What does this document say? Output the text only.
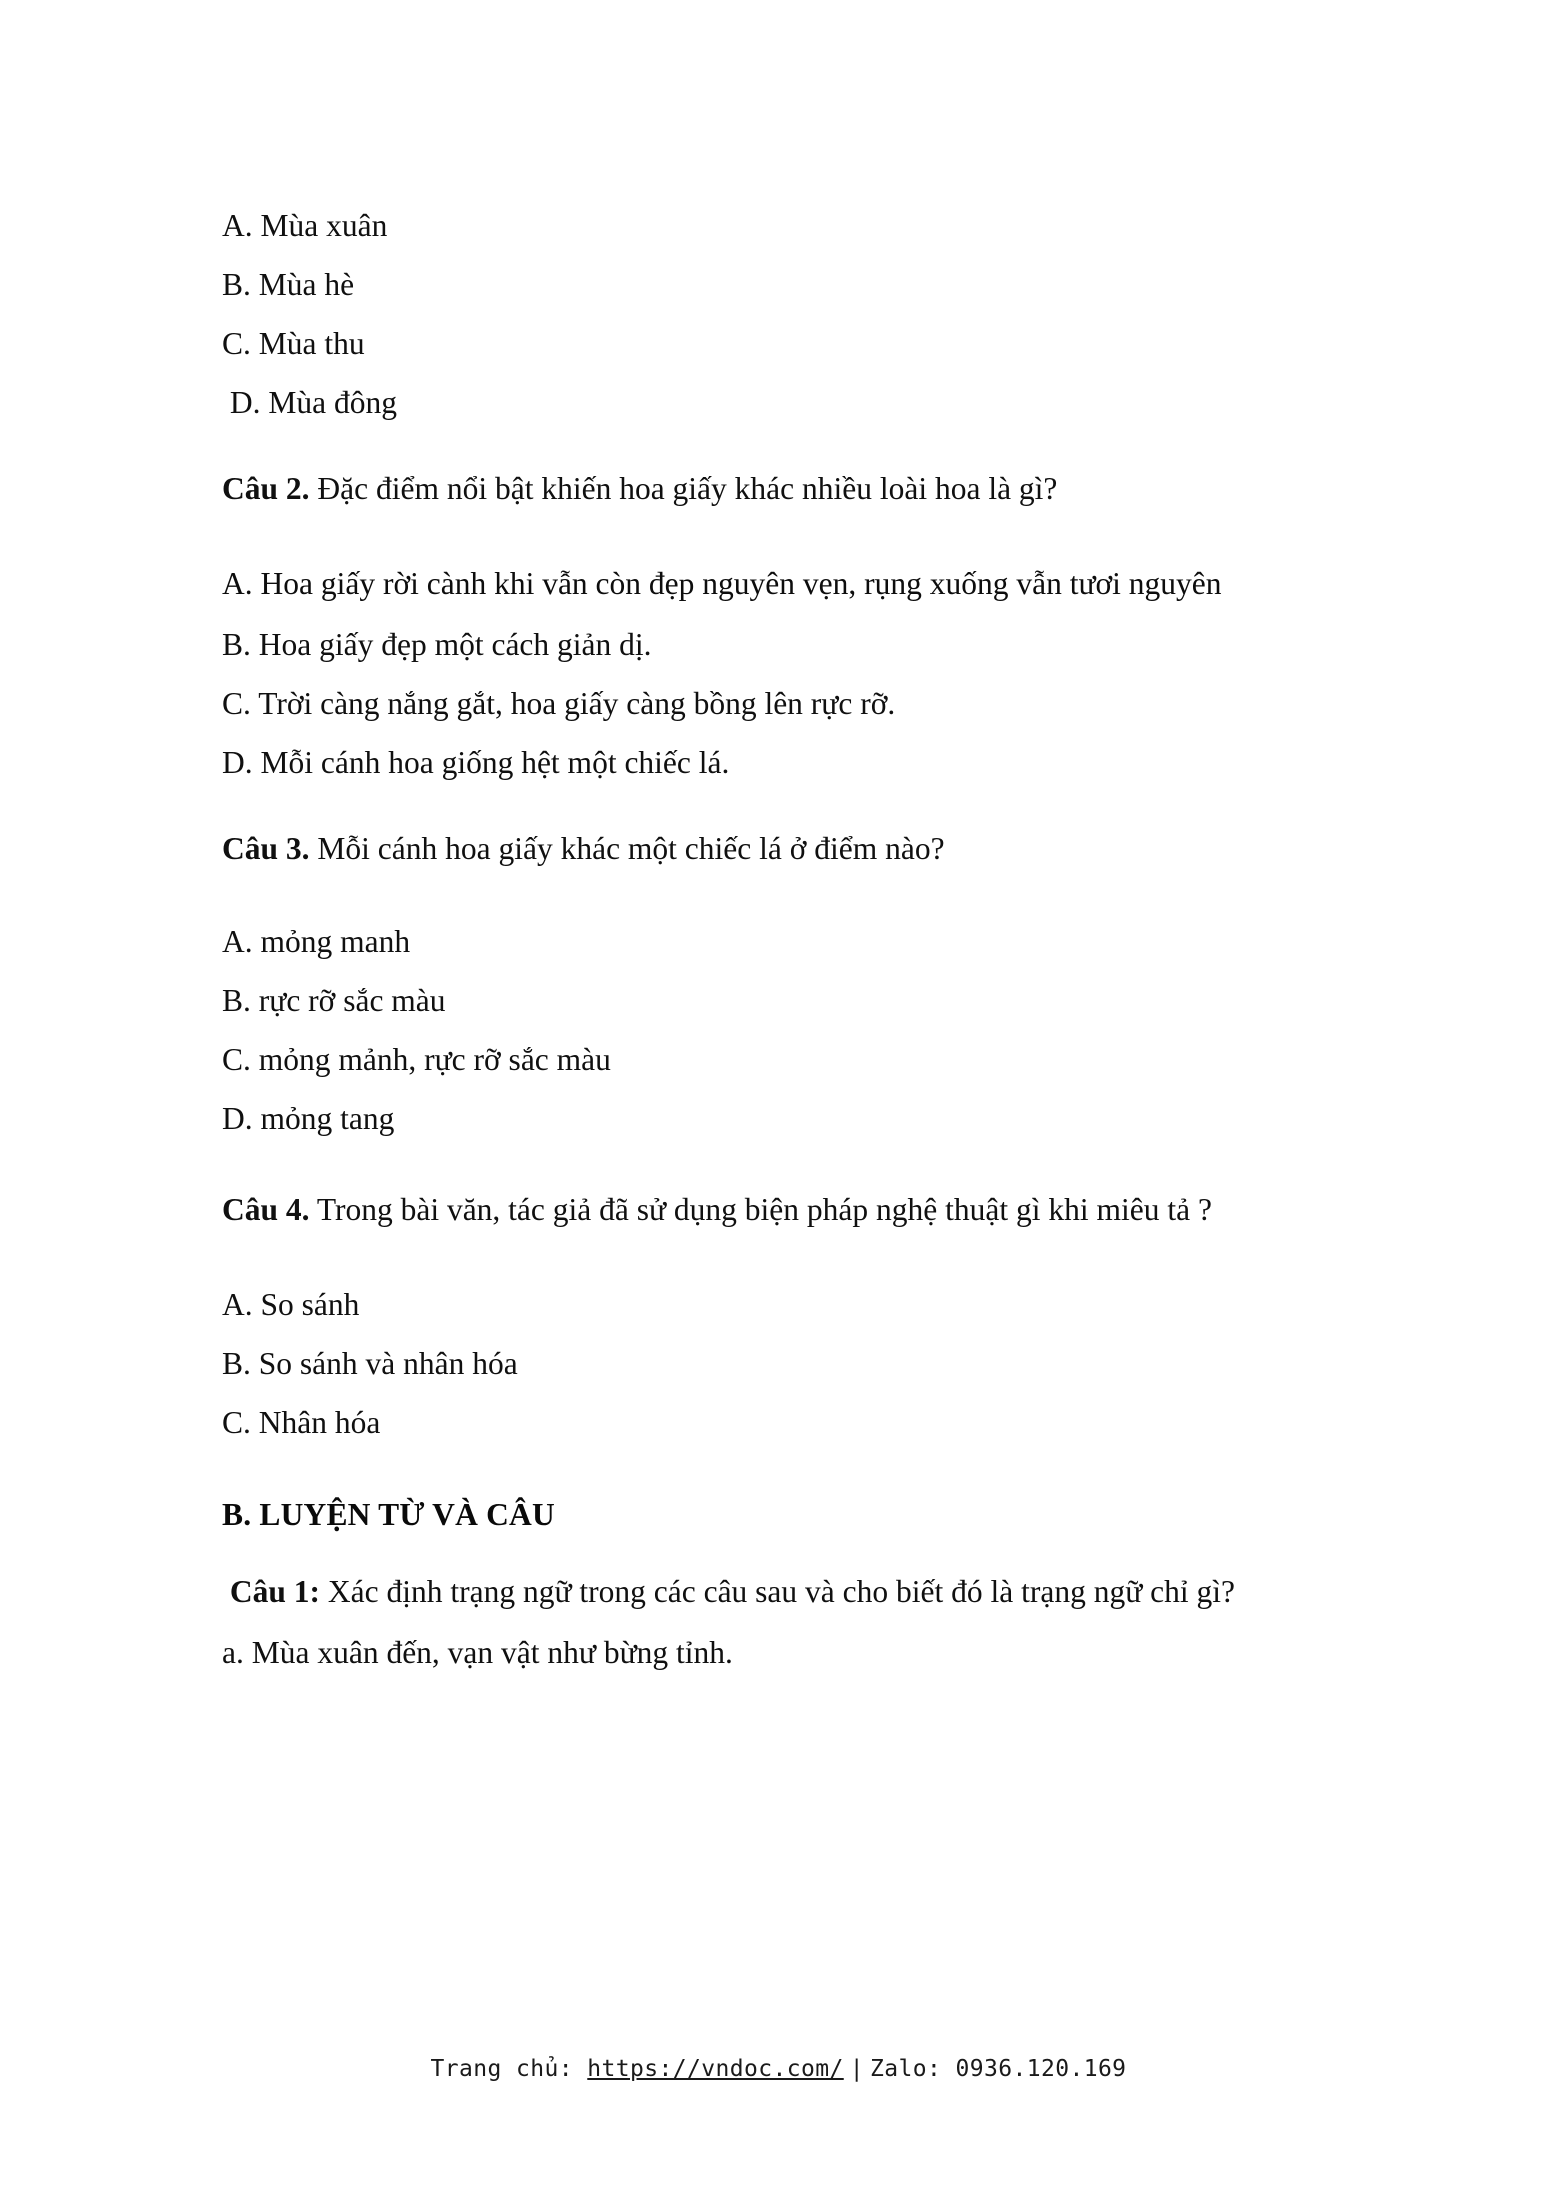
A. Mùa xuân
B. Mùa hè
C. Mùa thu
D. Mùa đông
Câu 2. Đặc điểm nổi bật khiến hoa giấy khác nhiều loài hoa là gì?
A. Hoa giấy rời cành khi vẫn còn đẹp nguyên vẹn, rụng xuống vẫn tươi nguyên
B. Hoa giấy đẹp một cách giản dị.
C. Trời càng nắng gắt, hoa giấy càng bồng lên rực rỡ.
D. Mỗi cánh hoa giống hệt một chiếc lá.
Câu 3. Mỗi cánh hoa giấy khác một chiếc lá ở điểm nào?
A. mỏng manh
B. rực rỡ sắc màu
C. mỏng mảnh, rực rỡ sắc màu
D. mỏng tang
Câu 4. Trong bài văn, tác giả đã sử dụng biện pháp nghệ thuật gì khi miêu tả ?
A. So sánh
B. So sánh và nhân hóa
C. Nhân hóa
B. LUYỆN TỪ VÀ CÂU
Câu 1: Xác định trạng ngữ trong các câu sau và cho biết đó là trạng ngữ chỉ gì?
a. Mùa xuân đến, vạn vật như bừng tỉnh.
Trang chủ: https://vndoc.com/ | Zalo: 0936.120.169
